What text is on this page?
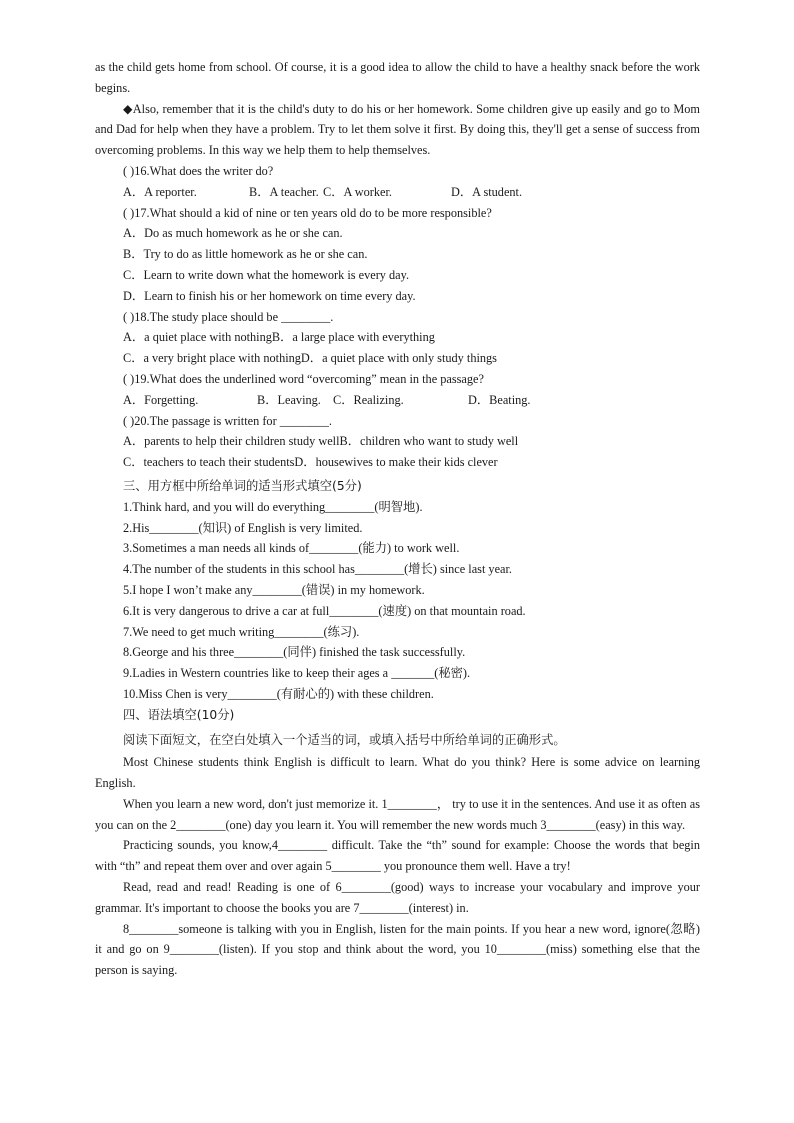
as the child gets home from school. Of course, it is a good idea to allow the child to have a healthy snack before the work begins.

◆Also, remember that it is the child's duty to do his or her homework. Some children give up easily and go to Mom and Dad for help when they have a problem. Try to let them solve it first. By doing this, they'll get a sense of success from overcoming problems. In this way we help them to help themselves.

( )16.What does the writer do?

A．A reporter.	B．A teacher. C．A worker.	D．A student.

( )17.What should a kid of nine or ten years old do to be more responsible?

A．Do as much homework as he or she can.

B．Try to do as little homework as he or she can.

C．Learn to write down what the homework is every day.

D．Learn to finish his or her homework on time every day.

( )18.The study place should be ________.

A．a quiet place with nothingB．a large place with everything

C．a very bright place with nothingD．a quiet place with only study things

( )19.What does the underlined word “overcoming” mean in the passage?

A．Forgetting.	B．Leaving. C．Realizing.	D．Beating.

( )20.The passage is written for ________.

A．parents to help their children study wellB．children who want to study well

C．teachers to teach their studentsD．housewives to make their kids clever

三、用方框中所给单词的适当形式填空(5分)

1.Think hard, and you will do everything________(明智地).

2.His________(知识) of English is very limited.

3.Sometimes a man needs all kinds of________(能力) to work well.

4.The number of the students in this school has________(增长) since last year.

5.I hope I won’t make any________(错误) in my homework.

6.It is very dangerous to drive a car at full________(速度) on that mountain road.

7.We need to get much writing________(练习).

8.George and his three________(同伴) finished the task successfully.

9.Ladies in Western countries like to keep their ages a _______(秘密).

10.Miss Chen is very________(有耐心的) with these children.

四、语法填空(10分)

阅读下面短文，在空白处填入一个适当的词，或填入括号中所给单词的正确形式。

Most Chinese students think English is difficult to learn. What do you think? Here is some advice on learning English.

When you learn a new word, don't just memorize it. 1________， try to use it in the sentences. And use it as often as you can on the 2________(one) day you learn it. You will remember the new words much 3________(easy) in this way.

Practicing sounds, you know,4________ difficult. Take the “th” sound for example: Choose the words that begin with “th” and repeat them over and over again 5________ you pronounce them well. Have a try!

Read, read and read! Reading is one of 6________(good) ways to increase your vocabulary and improve your grammar. It's important to choose the books you are 7________(interest) in.

8________someone is talking with you in English, listen for the main points. If you hear a new word, ignore(忽略) it and go on 9________(listen). If you stop and think about the word, you 10________(miss) something else that the person is saying.
